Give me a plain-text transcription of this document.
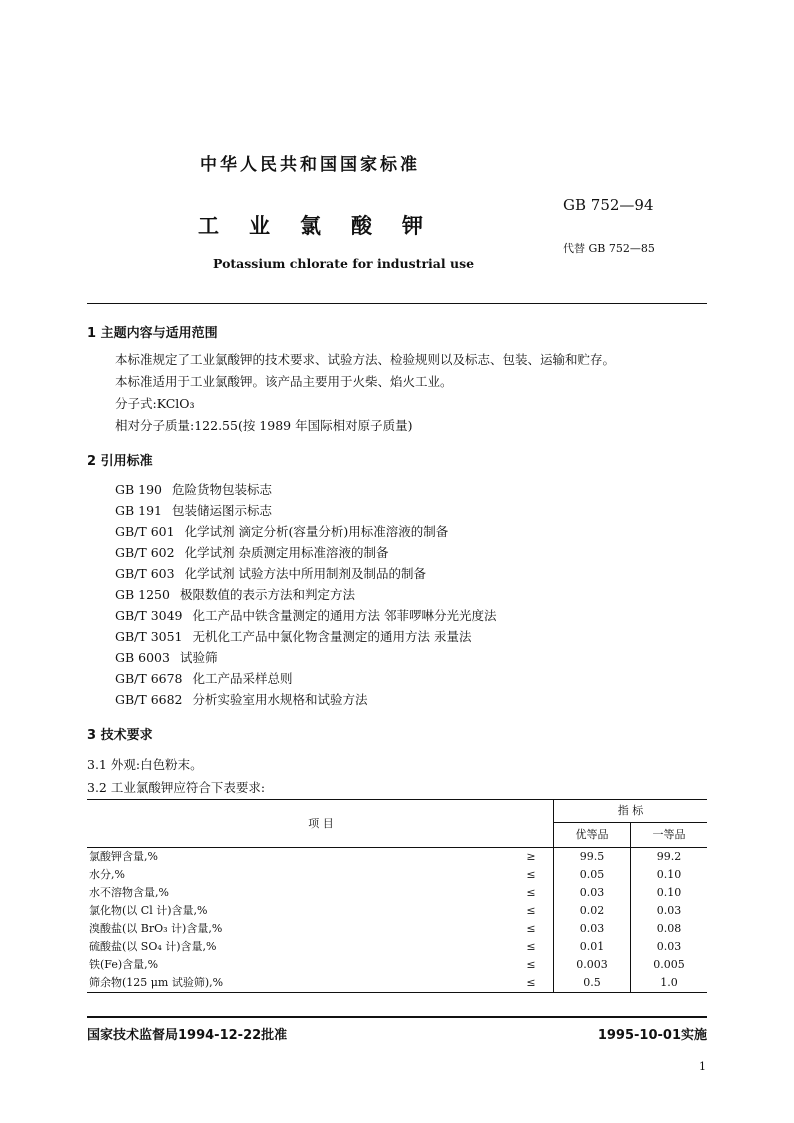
中华人民共和国国家标准
工业氯酸钾
Potassium chlorate for industrial use
GB 752—94
代替 GB 752—85
1 主题内容与适用范围
本标准规定了工业氯酸钾的技术要求、试验方法、检验规则以及标志、包装、运输和贮存。
本标准适用于工业氯酸钾。该产品主要用于火柴、焰火工业。
分子式:KClO₃
相对分子质量:122.55(按 1989 年国际相对原子质量)
2 引用标准
GB 190 危险货物包装标志
GB 191 包装储运图示标志
GB/T 601 化学试剂 滴定分析(容量分析)用标准溶液的制备
GB/T 602 化学试剂 杂质测定用标准溶液的制备
GB/T 603 化学试剂 试验方法中所用制剂及制品的制备
GB 1250 极限数值的表示方法和判定方法
GB/T 3049 化工产品中铁含量测定的通用方法 邻菲啰啉分光光度法
GB/T 3051 无机化工产品中氯化物含量测定的通用方法 汞量法
GB 6003 试验筛
GB/T 6678 化工产品采样总则
GB/T 6682 分析实验室用水规格和试验方法
3 技术要求
3.1 外观:白色粉末。
3.2 工业氯酸钾应符合下表要求:
项 目		指 标	
		优等品	一等品
氯酸钾含量,%	≥	99.5	99.2
水分,%	≤	0.05	0.10
水不溶物含量,%	≤	0.03	0.10
氯化物(以 Cl 计)含量,%	≤	0.02	0.03
溴酸盐(以 BrO₃ 计)含量,%	≤	0.03	0.08
硫酸盐(以 SO₄ 计)含量,%	≤	0.01	0.03
铁(Fe)含量,%	≤	0.003	0.005
筛余物(125 μm 试验筛),%	≤	0.5	1.0
国家技术监督局1994-12-22批准	1995-10-01实施
1
